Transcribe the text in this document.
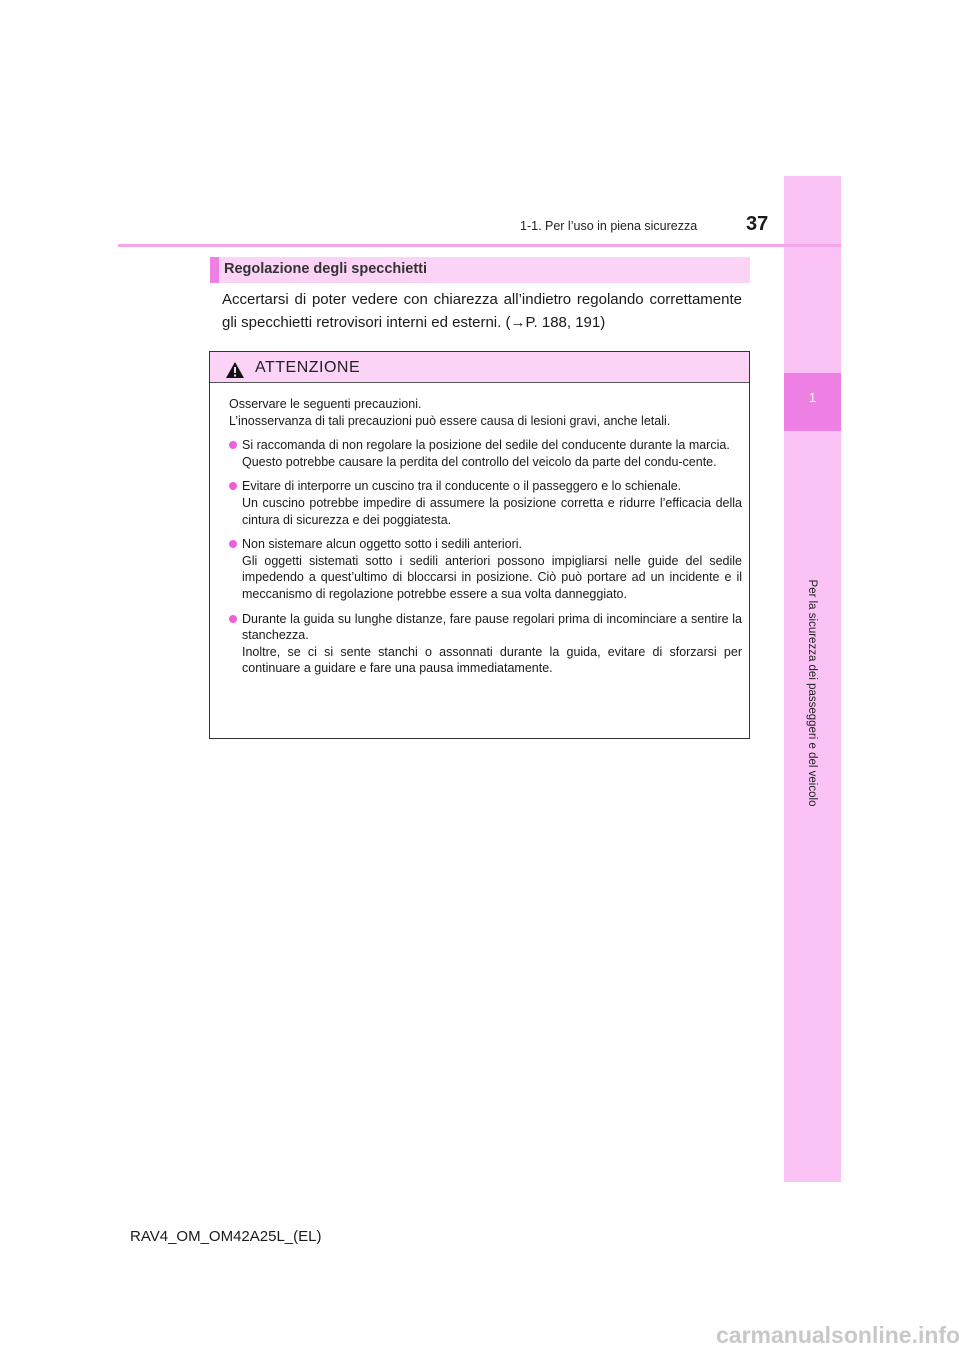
1
Per la sicurezza dei passeggeri e del veicolo
1-1. Per l’uso in piena sicurezza 37
Regolazione degli specchietti
Accertarsi di poter vedere con chiarezza all’indietro regolando correttamente gli specchietti retrovisori interni ed esterni. (→P. 188, 191)
ATTENZIONE

Osservare le seguenti precauzioni.
L’inosservanza di tali precauzioni può essere causa di lesioni gravi, anche letali.

Si raccomanda di non regolare la posizione del sedile del conducente durante la marcia.
Questo potrebbe causare la perdita del controllo del veicolo da parte del condu-cente.
Evitare di interporre un cuscino tra il conducente o il passeggero e lo schienale.
Un cuscino potrebbe impedire di assumere la posizione corretta e ridurre l’efficacia della cintura di sicurezza e dei poggiatesta.
Non sistemare alcun oggetto sotto i sedili anteriori.
Gli oggetti sistemati sotto i sedili anteriori possono impigliarsi nelle guide del sedile impedendo a quest’ultimo di bloccarsi in posizione. Ciò può portare ad un incidente e il meccanismo di regolazione potrebbe essere a sua volta danneggiato.
Durante la guida su lunghe distanze, fare pause regolari prima di incominciare a sentire la stanchezza.
Inoltre, se ci si sente stanchi o assonnati durante la guida, evitare di sforzarsi per continuare a guidare e fare una pausa immediatamente.
RAV4_OM_OM42A25L_(EL)
carmanualsonline.info
